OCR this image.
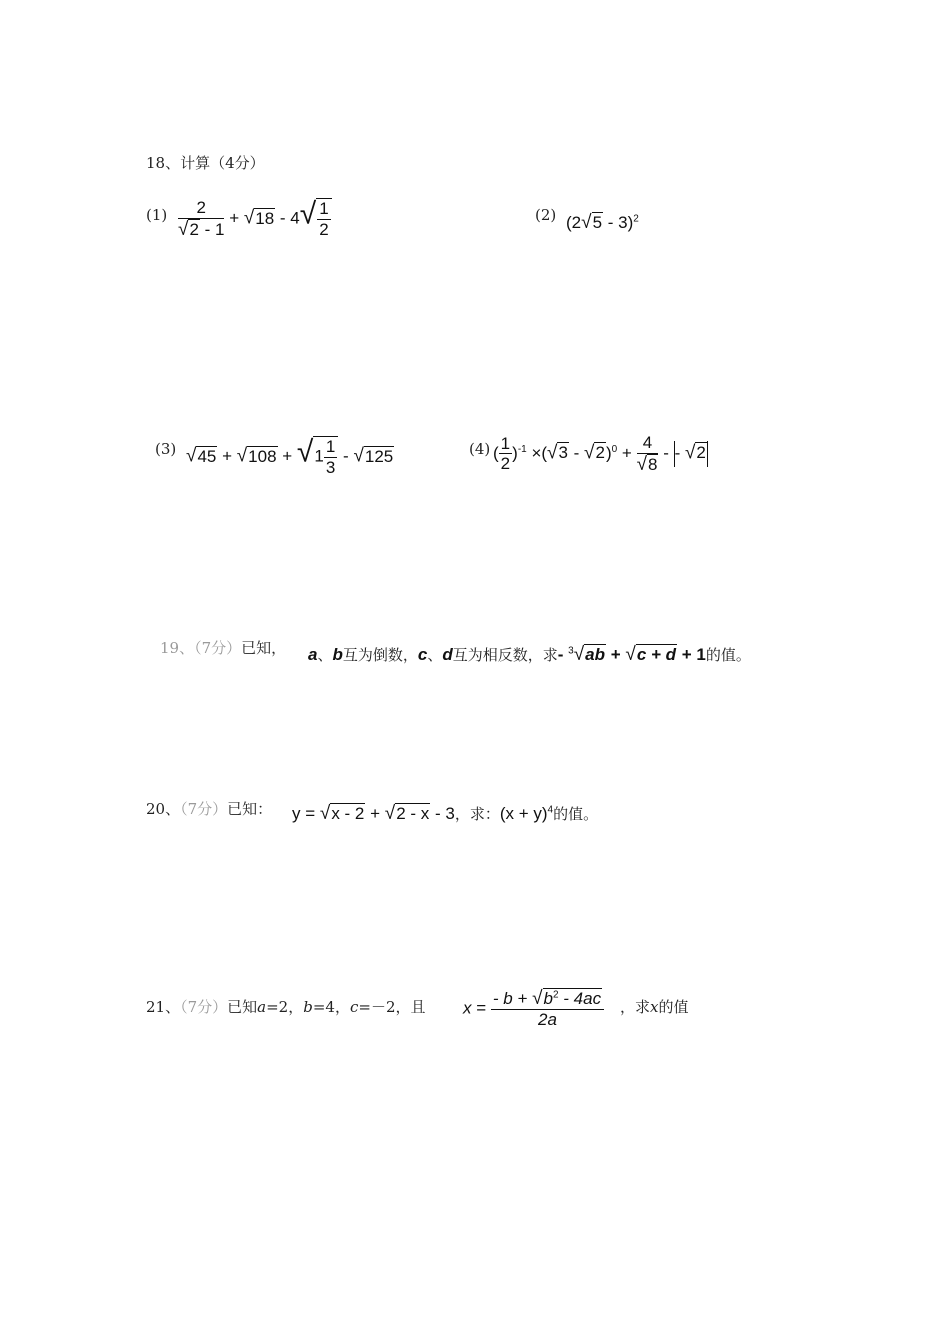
18、计算（4分）
$(1) \frac{2}{√2 - 1} + √18 - 4√ \frac{1}{2}$	(2) (2√5 - 3)$^2$
(3) $√45 + √108 + √1 \frac{1}{3} - √125$	(4) ( $\frac{1}{2} )^{-1} \times(√3 - √2)^0 + \frac{4}{√8}$ - - √2
19、（7分）已知， a、b互为倒数，c、d互为相反数，求- $^3$√ab + √c + d + 1的值。
20、（7分）已知： y = √x - 2 + √2 - x - 3，求：$(x + y)^4$的值。
21、（7分）已知a=2，b=4，c=－2，且 $x = \frac{- b + √b^2 - 4ac}{2a}$ ，求x的值
